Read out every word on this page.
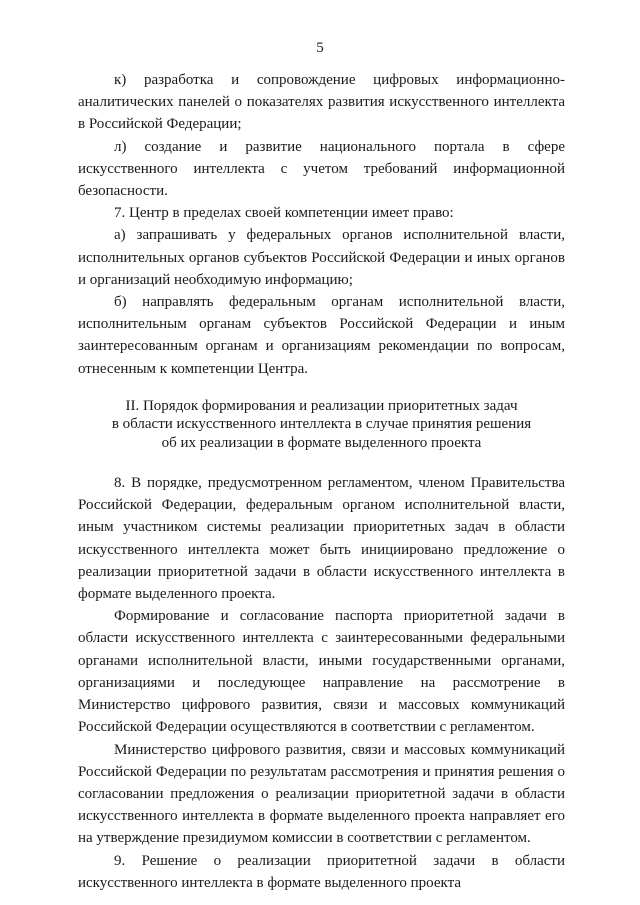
5

к) разработка и сопровождение цифровых информационно-аналитических панелей о показателях развития искусственного интеллекта в Российской Федерации;

л) создание и развитие национального портала в сфере искусственного интеллекта с учетом требований информационной безопасности.

7. Центр в пределах своей компетенции имеет право:

а) запрашивать у федеральных органов исполнительной власти, исполнительных органов субъектов Российской Федерации и иных органов и организаций необходимую информацию;

б) направлять федеральным органам исполнительной власти, исполнительным органам субъектов Российской Федерации и иным заинтересованным органам и организациям рекомендации по вопросам, отнесенным к компетенции Центра.

II. Порядок формирования и реализации приоритетных задач

в области искусственного интеллекта в случае принятия решения

об их реализации в формате выделенного проекта

8. В порядке, предусмотренном регламентом, членом Правительства Российской Федерации, федеральным органом исполнительной власти, иным участником системы реализации приоритетных задач в области искусственного интеллекта может быть инициировано предложение о реализации приоритетной задачи в области искусственного интеллекта в формате выделенного проекта.

Формирование и согласование паспорта приоритетной задачи в области искусственного интеллекта с заинтересованными федеральными органами исполнительной власти, иными государственными органами, организациями и последующее направление на рассмотрение в Министерство цифрового развития, связи и массовых коммуникаций Российской Федерации осуществляются в соответствии с регламентом.

Министерство цифрового развития, связи и массовых коммуникаций Российской Федерации по результатам рассмотрения и принятия решения о согласовании предложения о реализации приоритетной задачи в области искусственного интеллекта в формате выделенного проекта направляет его на утверждение президиумом комиссии в соответствии с регламентом.

9. Решение о реализации приоритетной задачи в области искусственного интеллекта в формате выделенного проекта
